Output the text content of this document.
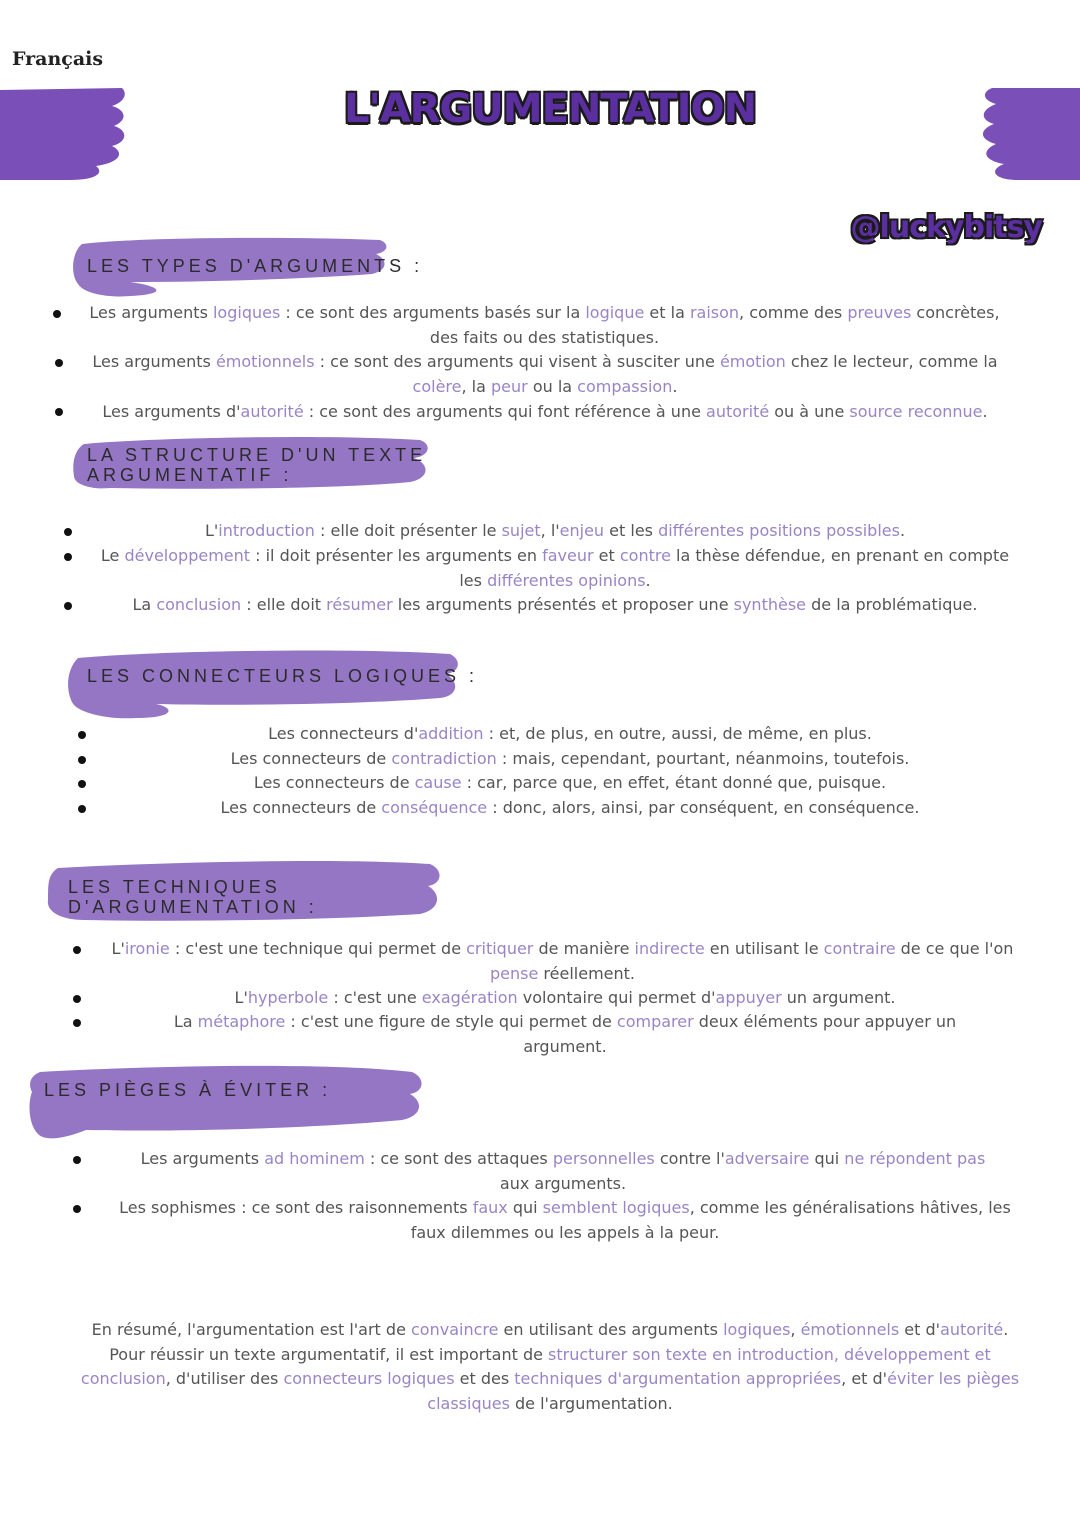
Français
L'ARGUMENTATION
@luckybitsy
LES TYPES D'ARGUMENTS :
Les arguments logiques : ce sont des arguments basés sur la logique et la raison, comme des preuves concrètes, des faits ou des statistiques.
Les arguments émotionnels : ce sont des arguments qui visent à susciter une émotion chez le lecteur, comme la colère, la peur ou la compassion.
Les arguments d'autorité : ce sont des arguments qui font référence à une autorité ou à une source reconnue.
LA STRUCTURE D'UN TEXTE
ARGUMENTATIF :
L'introduction : elle doit présenter le sujet, l'enjeu et les différentes positions possibles.
Le développement : il doit présenter les arguments en faveur et contre la thèse défendue, en prenant en compte les différentes opinions.
La conclusion : elle doit résumer les arguments présentés et proposer une synthèse de la problématique.
LES CONNECTEURS LOGIQUES :
Les connecteurs d'addition : et, de plus, en outre, aussi, de même, en plus.
Les connecteurs de contradiction : mais, cependant, pourtant, néanmoins, toutefois.
Les connecteurs de cause : car, parce que, en effet, étant donné que, puisque.
Les connecteurs de conséquence : donc, alors, ainsi, par conséquent, en conséquence.
LES TECHNIQUES
D'ARGUMENTATION :
L'ironie : c'est une technique qui permet de critiquer de manière indirecte en utilisant le contraire de ce que l'on pense réellement.
L'hyperbole : c'est une exagération volontaire qui permet d'appuyer un argument.
La métaphore : c'est une figure de style qui permet de comparer deux éléments pour appuyer un argument.
LES PIÈGES À ÉVITER :
Les arguments ad hominem : ce sont des attaques personnelles contre l'adversaire qui ne répondent pas aux arguments.
Les sophismes : ce sont des raisonnements faux qui semblent logiques, comme les généralisations hâtives, les faux dilemmes ou les appels à la peur.
En résumé, l'argumentation est l'art de convaincre en utilisant des arguments logiques, émotionnels et d'autorité. Pour réussir un texte argumentatif, il est important de structurer son texte en introduction, développement et conclusion, d'utiliser des connecteurs logiques et des techniques d'argumentation appropriées, et d'éviter les pièges classiques de l'argumentation.
